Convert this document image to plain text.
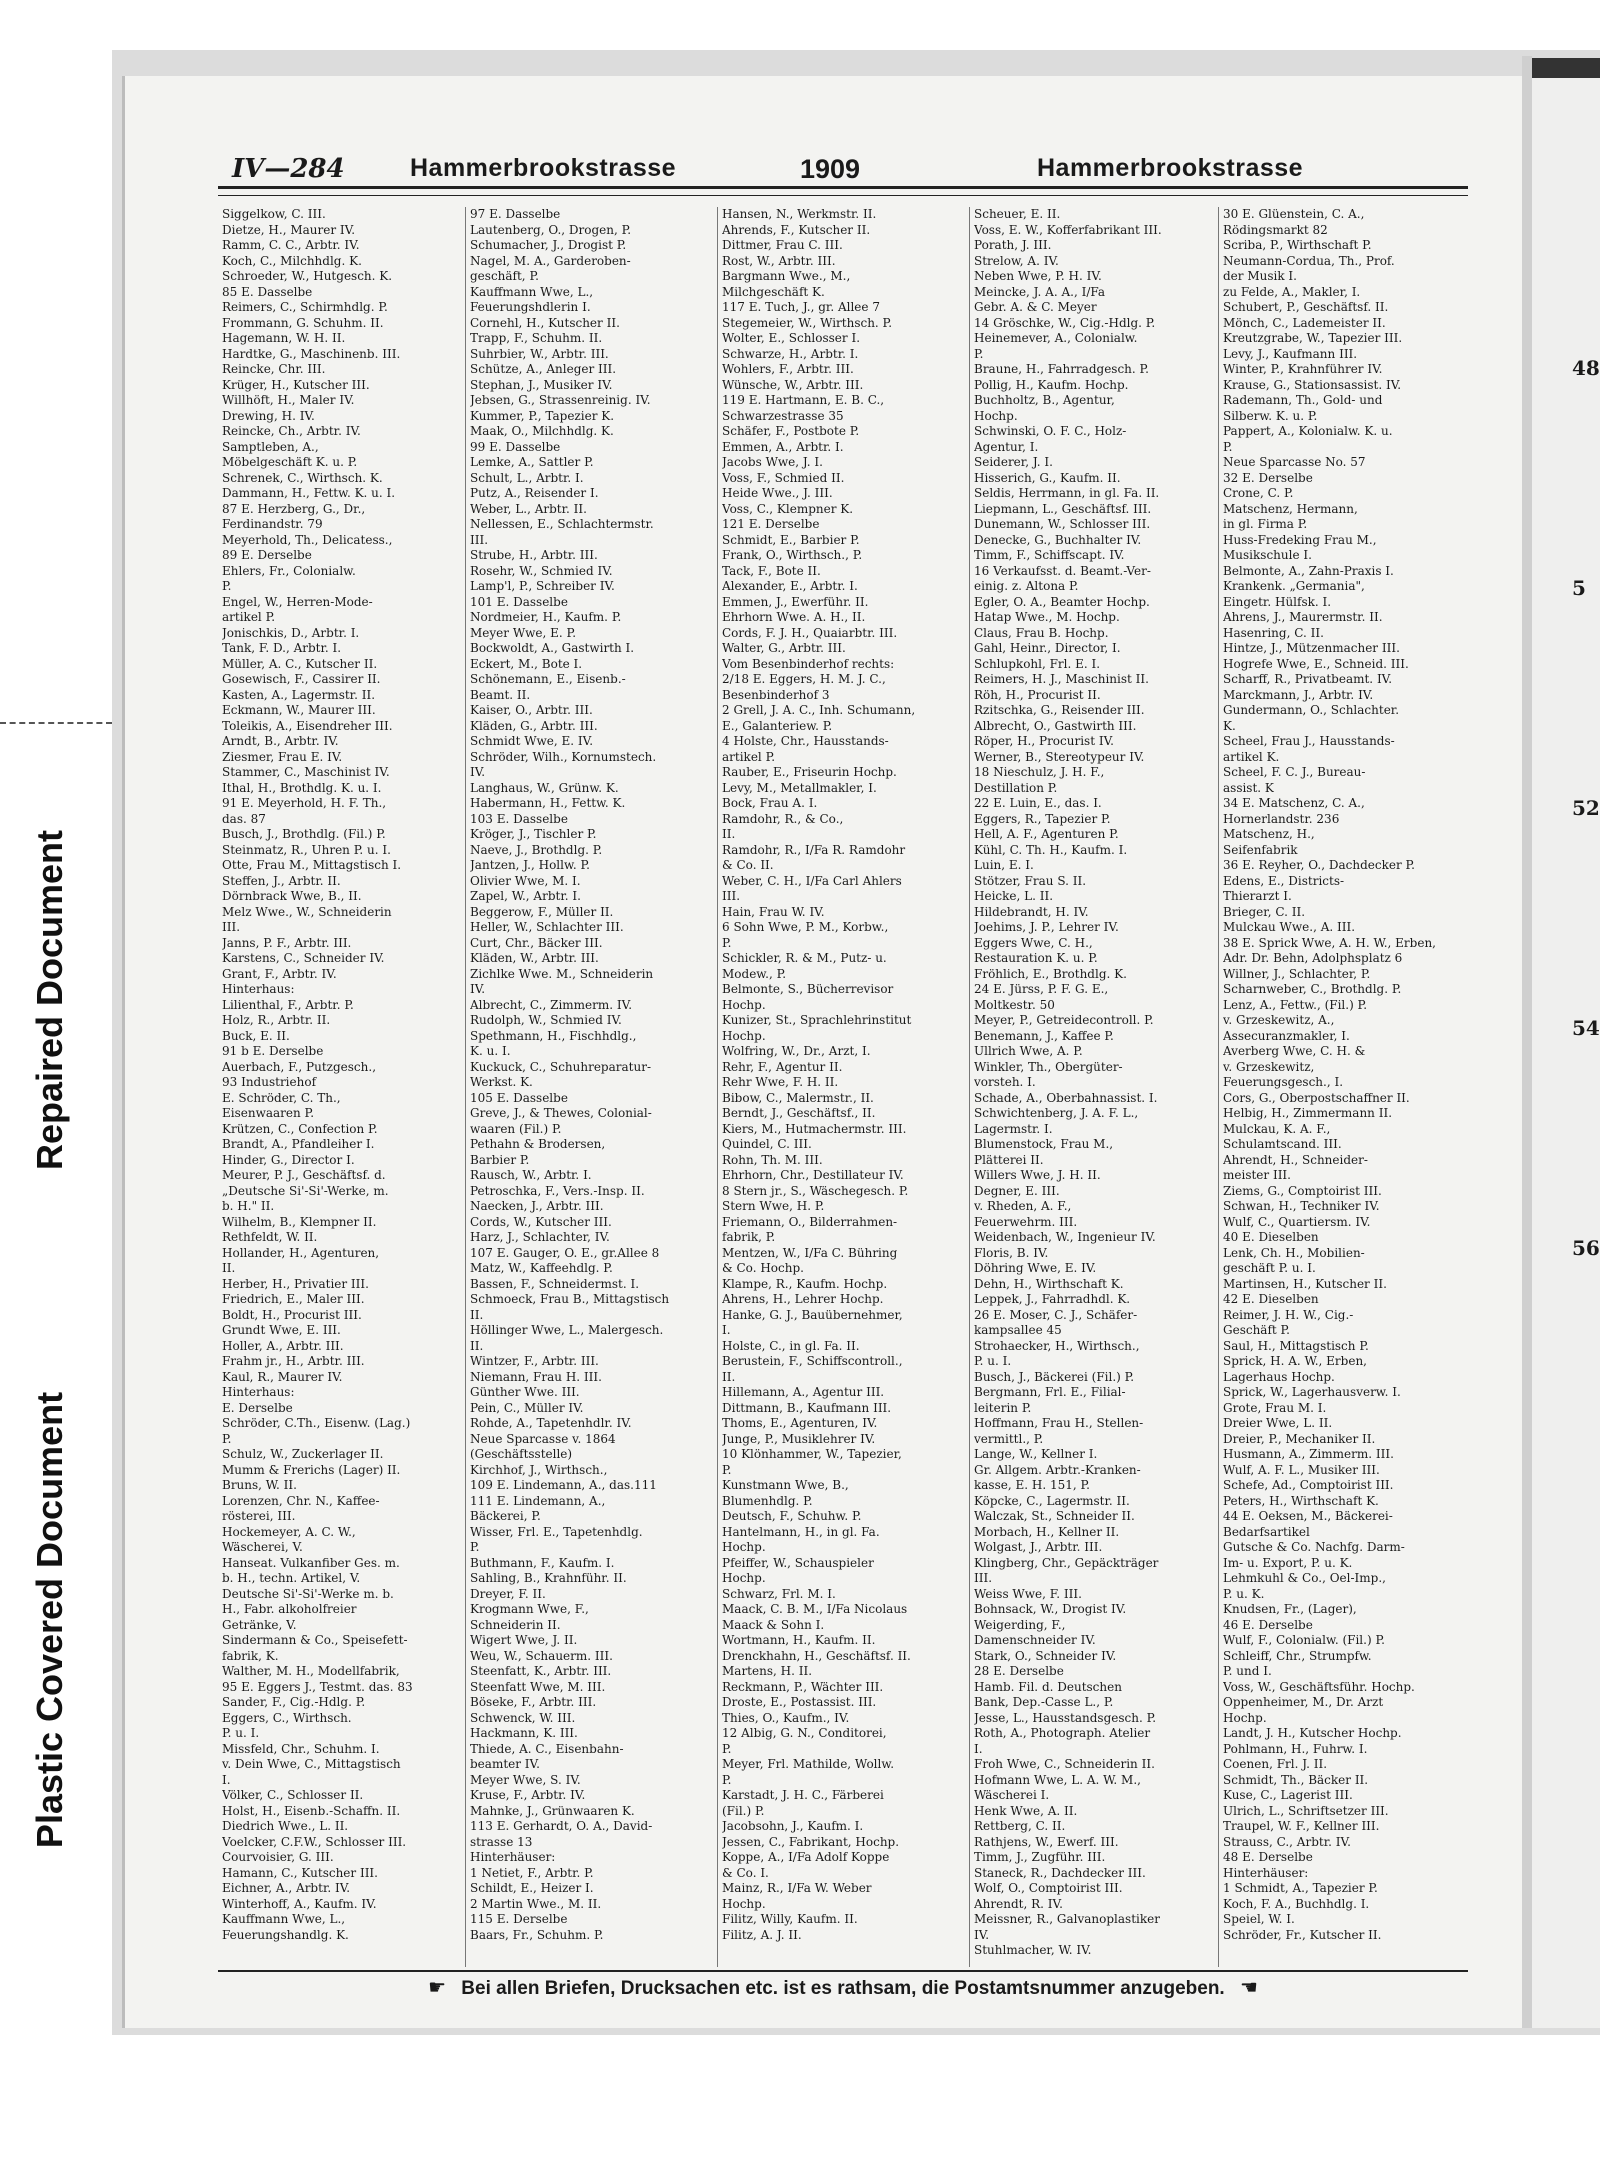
Repaired Document
Plastic Covered Document
48
5
52
54
56
IV—284	Hammerbrookstrasse	1909	Hammerbrookstrasse
Siggelkow, C. III.
Dietze, H., Maurer IV.
Ramm, C. C., Arbtr. IV.
Koch, C., Milchhdlg. K.
Schroeder, W., Hutgesch. K.
85 E. Dasselbe
Reimers, C., Schirmhdlg. P.
Frommann, G. Schuhm. II.
Hagemann, W. H. II.
Hardtke, G., Maschinenb. III.
Reincke, Chr. III.
Krüger, H., Kutscher III.
Willhöft, H., Maler IV.
Drewing, H. IV.
Reincke, Ch., Arbtr. IV.
Samptleben, A.,
Möbelgeschäft K. u. P.
Schrenek, C., Wirthsch. K.
Dammann, H., Fettw. K. u. I.
87 E. Herzberg, G., Dr.,
Ferdinandstr. 79
Meyerhold, Th., Delicatess.,
89 E. Derselbe
Ehlers, Fr., Colonialw.
P.
Engel, W., Herren-Mode-
artikel P.
Jonischkis, D., Arbtr. I.
Tank, F. D., Arbtr. I.
Müller, A. C., Kutscher II.
Gosewisch, F., Cassirer II.
Kasten, A., Lagermstr. II.
Eckmann, W., Maurer III.
Toleikis, A., Eisendreher III.
Arndt, B., Arbtr. IV.
Ziesmer, Frau E. IV.
Stammer, C., Maschinist IV.
Ithal, H., Brothdlg. K. u. I.
91 E. Meyerhold, H. F. Th.,
das. 87
Busch, J., Brothdlg. (Fil.) P.
Steinmatz, R., Uhren P. u. I.
Otte, Frau M., Mittagstisch I.
Steffen, J., Arbtr. II.
Dörnbrack Wwe, B., II.
Melz Wwe., W., Schneiderin
III.
Janns, P. F., Arbtr. III.
Karstens, C., Schneider IV.
Grant, F., Arbtr. IV.
Hinterhaus:
Lilienthal, F., Arbtr. P.
Holz, R., Arbtr. II.
Buck, E. II.
91 b E. Derselbe
Auerbach, F., Putzgesch.,
93 Industriehof
E. Schröder, C. Th.,
Eisenwaaren P.
Krützen, C., Confection P.
Brandt, A., Pfandleiher I.
Hinder, G., Director I.
Meurer, P. J., Geschäftsf. d.
„Deutsche Si'-Si'-Werke, m.
b. H." II.
Wilhelm, B., Klempner II.
Rethfeldt, W. II.
Hollander, H., Agenturen,
II.
Herber, H., Privatier III.
Friedrich, E., Maler III.
Boldt, H., Procurist III.
Grundt Wwe, E. III.
Holler, A., Arbtr. III.
Frahm jr., H., Arbtr. III.
Kaul, R., Maurer IV.
Hinterhaus:
E. Derselbe
Schröder, C.Th., Eisenw. (Lag.)
P.
Schulz, W., Zuckerlager II.
Mumm & Frerichs (Lager) II.
Bruns, W. II.
Lorenzen, Chr. N., Kaffee-
rösterei, III.
Hockemeyer, A. C. W.,
Wäscherei, V.
Hanseat. Vulkanfiber Ges. m.
b. H., techn. Artikel, V.
Deutsche Si'-Si'-Werke m. b.
H., Fabr. alkoholfreier
Getränke, V.
Sindermann & Co., Speisefett-
fabrik, K.
Walther, M. H., Modellfabrik,
95 E. Eggers J., Testmt. das. 83
Sander, F., Cig.-Hdlg. P.
Eggers, C., Wirthsch.
P. u. I.
Missfeld, Chr., Schuhm. I.
v. Dein Wwe, C., Mittagstisch
I.
Völker, C., Schlosser II.
Holst, H., Eisenb.-Schaffn. II.
Diedrich Wwe., L. II.
Voelcker, C.F.W., Schlosser III.
Courvoisier, G. III.
Hamann, C., Kutscher III.
Eichner, A., Arbtr. IV.
Winterhoff, A., Kaufm. IV.
Kauffmann Wwe, L.,
Feuerungshandlg. K.
97 E. Dasselbe
Lautenberg, O., Drogen, P.
Schumacher, J., Drogist P.
Nagel, M. A., Garderoben-
geschäft, P.
Kauffmann Wwe, L.,
Feuerungshdlerin I.
Cornehl, H., Kutscher II.
Trapp, F., Schuhm. II.
Suhrbier, W., Arbtr. III.
Schütze, A., Anleger III.
Stephan, J., Musiker IV.
Jebsen, G., Strassenreinig. IV.
Kummer, P., Tapezier K.
Maak, O., Milchhdlg. K.
99 E. Dasselbe
Lemke, A., Sattler P.
Schult, L., Arbtr. I.
Putz, A., Reisender I.
Weber, L., Arbtr. II.
Nellessen, E., Schlachtermstr.
III.
Strube, H., Arbtr. III.
Rosehr, W., Schmied IV.
Lamp'l, P., Schreiber IV.
101 E. Dasselbe
Nordmeier, H., Kaufm. P.
Meyer Wwe, E. P.
Bockwoldt, A., Gastwirth I.
Eckert, M., Bote I.
Schönemann, E., Eisenb.-
Beamt. II.
Kaiser, O., Arbtr. III.
Kläden, G., Arbtr. III.
Schmidt Wwe, E. IV.
Schröder, Wilh., Kornumstech.
IV.
Langhaus, W., Grünw. K.
Habermann, H., Fettw. K.
103 E. Dasselbe
Kröger, J., Tischler P.
Naeve, J., Brothdlg. P.
Jantzen, J., Hollw. P.
Olivier Wwe, M. I.
Zapel, W., Arbtr. I.
Beggerow, F., Müller II.
Heller, W., Schlachter III.
Curt, Chr., Bäcker III.
Kläden, W., Arbtr. III.
Zichlke Wwe. M., Schneiderin
IV.
Albrecht, C., Zimmerm. IV.
Rudolph, W., Schmied IV.
Spethmann, H., Fischhdlg.,
K. u. I.
Kuckuck, C., Schuhreparatur-
Werkst. K.
105 E. Dasselbe
Greve, J., & Thewes, Colonial-
waaren (Fil.) P.
Pethahn & Brodersen,
Barbier P.
Rausch, W., Arbtr. I.
Petroschka, F., Vers.-Insp. II.
Naecken, J., Arbtr. III.
Cords, W., Kutscher III.
Harz, J., Schlachter, IV.
107 E. Gauger, O. E., gr.Allee 8
Matz, W., Kaffeehdlg. P.
Bassen, F., Schneidermst. I.
Schmoeck, Frau B., Mittagstisch
II.
Höllinger Wwe, L., Malergesch.
II.
Wintzer, F., Arbtr. III.
Niemann, Frau H. III.
Günther Wwe. III.
Pein, C., Müller IV.
Rohde, A., Tapetenhdlr. IV.
Neue Sparcasse v. 1864
(Geschäftsstelle)
Kirchhof, J., Wirthsch.,
109 E. Lindemann, A., das.111
111 E. Lindemann, A.,
Bäckerei, P.
Wisser, Frl. E., Tapetenhdlg.
P.
Buthmann, F., Kaufm. I.
Sahling, B., Krahnführ. II.
Dreyer, F. II.
Krogmann Wwe, F.,
Schneiderin II.
Wigert Wwe, J. II.
Weu, W., Schauerm. III.
Steenfatt, K., Arbtr. III.
Steenfatt Wwe, M. III.
Böseke, F., Arbtr. III.
Schwenck, W. III.
Hackmann, K. III.
Thiede, A. C., Eisenbahn-
beamter IV.
Meyer Wwe, S. IV.
Kruse, F., Arbtr. IV.
Mahnke, J., Grünwaaren K.
113 E. Gerhardt, O. A., David-
strasse 13
Hinterhäuser:
1 Netiet, F., Arbtr. P.
Schildt, E., Heizer I.
2 Martin Wwe., M. II.
115 E. Derselbe
Baars, Fr., Schuhm. P.
Hansen, N., Werkmstr. II.
Ahrends, F., Kutscher II.
Dittmer, Frau C. III.
Rost, W., Arbtr. III.
Bargmann Wwe., M.,
Milchgeschäft K.
117 E. Tuch, J., gr. Allee 7
Stegemeier, W., Wirthsch. P.
Wolter, E., Schlosser I.
Schwarze, H., Arbtr. I.
Wohlers, F., Arbtr. III.
Wünsche, W., Arbtr. III.
119 E. Hartmann, E. B. C.,
Schwarzestrasse 35
Schäfer, F., Postbote P.
Emmen, A., Arbtr. I.
Jacobs Wwe, J. I.
Voss, F., Schmied II.
Heide Wwe., J. III.
Voss, C., Klempner K.
121 E. Derselbe
Schmidt, E., Barbier P.
Frank, O., Wirthsch., P.
Tack, F., Bote II.
Alexander, E., Arbtr. I.
Emmen, J., Ewerführ. II.
Ehrhorn Wwe. A. H., II.
Cords, F. J. H., Quaiarbtr. III.
Walter, G., Arbtr. III.
Vom Besenbinderhof rechts:
2/18 E. Eggers, H. M. J. C.,
Besenbinderhof 3
2 Grell, J. A. C., Inh. Schumann,
E., Galanteriew. P.
4 Holste, Chr., Hausstands-
artikel P.
Rauber, E., Friseurin Hochp.
Levy, M., Metallmakler, I.
Bock, Frau A. I.
Ramdohr, R., & Co.,
II.
Ramdohr, R., I/Fa R. Ramdohr
& Co. II.
Weber, C. H., I/Fa Carl Ahlers
III.
Hain, Frau W. IV.
6 Sohn Wwe, P. M., Korbw.,
P.
Schickler, R. & M., Putz- u.
Modew., P.
Belmonte, S., Bücherrevisor
Hochp.
Kunizer, St., Sprachlehrinstitut
Hochp.
Wolfring, W., Dr., Arzt, I.
Rehr, F., Agentur II.
Rehr Wwe, F. H. II.
Bibow, C., Malermstr., II.
Berndt, J., Geschäftsf., II.
Kiers, M., Hutmachermstr. III.
Quindel, C. III.
Rohn, Th. M. III.
Ehrhorn, Chr., Destillateur IV.
8 Stern jr., S., Wäschegesch. P.
Stern Wwe, H. P.
Friemann, O., Bilderrahmen-
fabrik, P.
Mentzen, W., I/Fa C. Bühring
& Co. Hochp.
Klampe, R., Kaufm. Hochp.
Ahrens, H., Lehrer Hochp.
Hanke, G. J., Bauübernehmer,
I.
Holste, C., in gl. Fa. II.
Berustein, F., Schiffscontroll.,
II.
Hillemann, A., Agentur III.
Dittmann, B., Kaufmann III.
Thoms, E., Agenturen, IV.
Junge, P., Musiklehrer IV.
10 Klönhammer, W., Tapezier,
P.
Kunstmann Wwe, B.,
Blumenhdlg. P.
Deutsch, F., Schuhw. P.
Hantelmann, H., in gl. Fa.
Hochp.
Pfeiffer, W., Schauspieler
Hochp.
Schwarz, Frl. M. I.
Maack, C. B. M., I/Fa Nicolaus
Maack & Sohn I.
Wortmann, H., Kaufm. II.
Drenckhahn, H., Geschäftsf. II.
Martens, H. II.
Reckmann, P., Wächter III.
Droste, E., Postassist. III.
Thies, O., Kaufm., IV.
12 Albig, G. N., Conditorei,
P.
Meyer, Frl. Mathilde, Wollw.
P.
Karstadt, J. H. C., Färberei
(Fil.) P.
Jacobsohn, J., Kaufm. I.
Jessen, C., Fabrikant, Hochp.
Koppe, A., I/Fa Adolf Koppe
& Co. I.
Mainz, R., I/Fa W. Weber
Hochp.
Filitz, Willy, Kaufm. II.
Filitz, A. J. II.
Scheuer, E. II.
Voss, E. W., Kofferfabrikant III.
Porath, J. III.
Strelow, A. IV.
Neben Wwe, P. H. IV.
Meincke, J. A. A., I/Fa
Gebr. A. & C. Meyer
14 Gröschke, W., Cig.-Hdlg. P.
Heinemever, A., Colonialw.
P.
Braune, H., Fahrradgesch. P.
Pollig, H., Kaufm. Hochp.
Buchholtz, B., Agentur,
Hochp.
Schwinski, O. F. C., Holz-
Agentur, I.
Seiderer, J. I.
Hisserich, G., Kaufm. II.
Seldis, Herrmann, in gl. Fa. II.
Liepmann, L., Geschäftsf. III.
Dunemann, W., Schlosser III.
Denecke, G., Buchhalter IV.
Timm, F., Schiffscapt. IV.
16 Verkaufsst. d. Beamt.-Ver-
einig. z. Altona P.
Egler, O. A., Beamter Hochp.
Hatap Wwe., M. Hochp.
Claus, Frau B. Hochp.
Gahl, Heinr., Director, I.
Schlupkohl, Frl. E. I.
Reimers, H. J., Maschinist II.
Röh, H., Procurist II.
Rzitschka, G., Reisender III.
Albrecht, O., Gastwirth III.
Röper, H., Procurist IV.
Werner, B., Stereotypeur IV.
18 Nieschulz, J. H. F.,
Destillation P.
22 E. Luin, E., das. I.
Eggers, R., Tapezier P.
Hell, A. F., Agenturen P.
Kühl, C. Th. H., Kaufm. I.
Luin, E. I.
Stötzer, Frau S. II.
Heicke, L. II.
Hildebrandt, H. IV.
Joehims, J. P., Lehrer IV.
Eggers Wwe, C. H.,
Restauration K. u. P.
Fröhlich, E., Brothdlg. K.
24 E. Jürss, P. F. G. E.,
Moltkestr. 50
Meyer, P., Getreidecontroll. P.
Benemann, J., Kaffee P.
Ullrich Wwe, A. P.
Winkler, Th., Obergüter-
vorsteh. I.
Schade, A., Oberbahnassist. I.
Schwichtenberg, J. A. F. L.,
Lagermstr. I.
Blumenstock, Frau M.,
Plätterei II.
Willers Wwe, J. H. II.
Degner, E. III.
v. Rheden, A. F.,
Feuerwehrm. III.
Weidenbach, W., Ingenieur IV.
Floris, B. IV.
Döhring Wwe, E. IV.
Dehn, H., Wirthschaft K.
Leppek, J., Fahrradhdl. K.
26 E. Moser, C. J., Schäfer-
kampsallee 45
Strohaecker, H., Wirthsch.,
P. u. I.
Busch, J., Bäckerei (Fil.) P.
Bergmann, Frl. E., Filial-
leiterin P.
Hoffmann, Frau H., Stellen-
vermittl., P.
Lange, W., Kellner I.
Gr. Allgem. Arbtr.-Kranken-
kasse, E. H. 151, P.
Köpcke, C., Lagermstr. II.
Walczak, St., Schneider II.
Morbach, H., Kellner II.
Wolgast, J., Arbtr. III.
Klingberg, Chr., Gepäckträger
III.
Weiss Wwe, F. III.
Bohnsack, W., Drogist IV.
Weigerding, F.,
Damenschneider IV.
Stark, O., Schneider IV.
28 E. Derselbe
Hamb. Fil. d. Deutschen
Bank, Dep.-Casse L., P.
Jesse, L., Hausstandsgesch. P.
Roth, A., Photograph. Atelier
I.
Froh Wwe, C., Schneiderin II.
Hofmann Wwe, L. A. W. M.,
Wäscherei I.
Henk Wwe, A. II.
Rettberg, C. II.
Rathjens, W., Ewerf. III.
Timm, J., Zugführ. III.
Staneck, R., Dachdecker III.
Wolf, O., Comptoirist III.
Ahrendt, R. IV.
Meissner, R., Galvanoplastiker
IV.
Stuhlmacher, W. IV.
30 E. Glüenstein, C. A.,
Rödingsmarkt 82
Scriba, P., Wirthschaft P.
Neumann-Cordua, Th., Prof.
der Musik I.
zu Felde, A., Makler, I.
Schubert, P., Geschäftsf. II.
Mönch, C., Lademeister II.
Kreutzgrabe, W., Tapezier III.
Levy, J., Kaufmann III.
Winter, P., Krahnführer IV.
Krause, G., Stationsassist. IV.
Rademann, Th., Gold- und
Silberw. K. u. P.
Pappert, A., Kolonialw. K. u.
P.
Neue Sparcasse No. 57
32 E. Derselbe
Crone, C. P.
Matschenz, Hermann,
in gl. Firma P.
Huss-Fredeking Frau M.,
Musikschule I.
Belmonte, A., Zahn-Praxis I.
Krankenk. „Germania",
Eingetr. Hülfsk. I.
Ahrens, J., Maurermstr. II.
Hasenring, C. II.
Hintze, J., Mützenmacher III.
Hogrefe Wwe, E., Schneid. III.
Scharff, R., Privatbeamt. IV.
Marckmann, J., Arbtr. IV.
Gundermann, O., Schlachter.
K.
Scheel, Frau J., Hausstands-
artikel K.
Scheel, F. C. J., Bureau-
assist. K
34 E. Matschenz, C. A.,
Hornerlandstr. 236
Matschenz, H.,
Seifenfabrik
36 E. Reyher, O., Dachdecker P.
Edens, E., Districts-
Thierarzt I.
Brieger, C. II.
Mulckau Wwe., A. III.
38 E. Sprick Wwe, A. H. W., Erben,
Adr. Dr. Behn, Adolphsplatz 6
Willner, J., Schlachter, P.
Scharnweber, C., Brothdlg. P.
Lenz, A., Fettw., (Fil.) P.
v. Grzeskewitz, A.,
Assecuranzmakler, I.
Averberg Wwe, C. H. &
v. Grzeskewitz,
Feuerungsgesch., I.
Cors, G., Oberpostschaffner II.
Helbig, H., Zimmermann II.
Mulckau, K. A. F.,
Schulamtscand. III.
Ahrendt, H., Schneider-
meister III.
Ziems, G., Comptoirist III.
Schwan, H., Techniker IV.
Wulf, C., Quartiersm. IV.
40 E. Dieselben
Lenk, Ch. H., Mobilien-
geschäft P. u. I.
Martinsen, H., Kutscher II.
42 E. Dieselben
Reimer, J. H. W., Cig.-
Geschäft P.
Saul, H., Mittagstisch P.
Sprick, H. A. W., Erben,
Lagerhaus Hochp.
Sprick, W., Lagerhausverw. I.
Grote, Frau M. I.
Dreier Wwe, L. II.
Dreier, P., Mechaniker II.
Husmann, A., Zimmerm. III.
Wulf, A. F. L., Musiker III.
Schefe, Ad., Comptoirist III.
Peters, H., Wirthschaft K.
44 E. Oeksen, M., Bäckerei-
Bedarfsartikel
Gutsche & Co. Nachfg. Darm-
Im- u. Export, P. u. K.
Lehmkuhl & Co., Oel-Imp.,
P. u. K.
Knudsen, Fr., (Lager),
46 E. Derselbe
Wulf, F., Colonialw. (Fil.) P.
Schleiff, Chr., Strumpfw.
P. und I.
Voss, W., Geschäftsführ. Hochp.
Oppenheimer, M., Dr. Arzt
Hochp.
Landt, J. H., Kutscher Hochp.
Pohlmann, H., Fuhrw. I.
Coenen, Frl. J. II.
Schmidt, Th., Bäcker II.
Kuse, C., Lagerist III.
Ulrich, L., Schriftsetzer III.
Traupel, W. F., Kellner III.
Strauss, C., Arbtr. IV.
48 E. Derselbe
Hinterhäuser:
1 Schmidt, A., Tapezier P.
Koch, F. A., Buchhdlg. I.
Speiel, W. I.
Schröder, Fr., Kutscher II.
☛ Bei allen Briefen, Drucksachen etc. ist es rathsam, die Postamtsnummer anzugeben. ☚
